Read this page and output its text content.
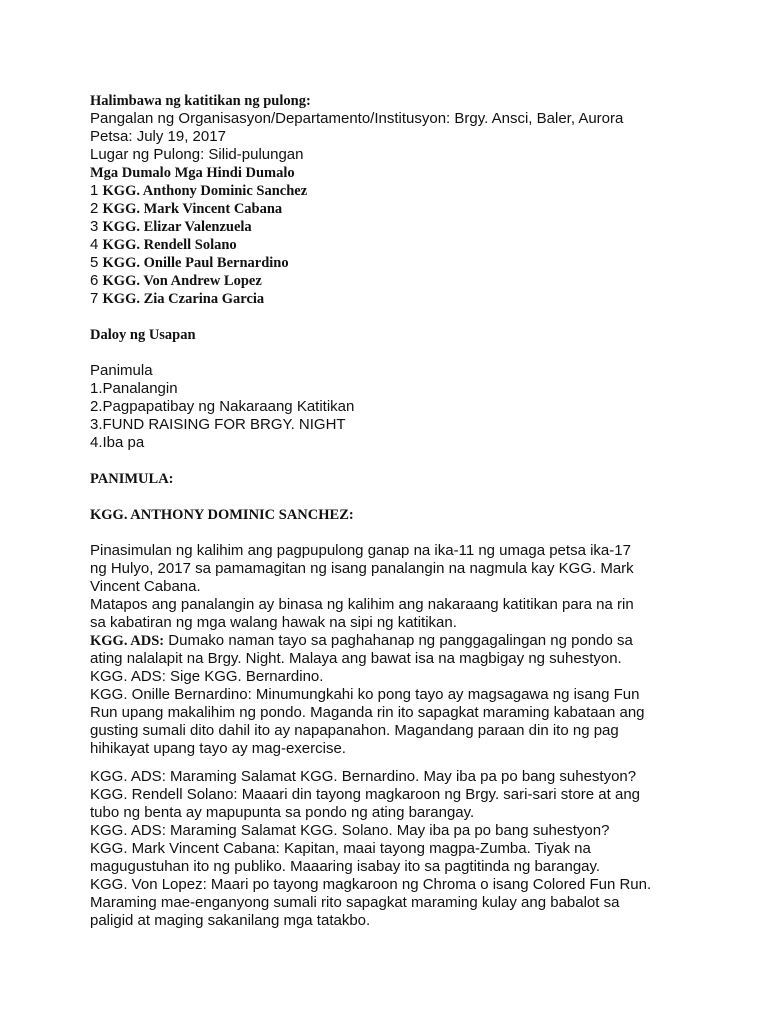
Halimbawa ng katitikan ng pulong:
Pangalan ng Organisasyon/Departamento/Institusyon: Brgy. Ansci, Baler, Aurora
Petsa: July 19, 2017
Lugar ng Pulong: Silid-pulungan
Mga Dumalo Mga Hindi Dumalo
1 KGG. Anthony Dominic Sanchez
2 KGG. Mark Vincent Cabana
3 KGG. Elizar Valenzuela
4 KGG. Rendell Solano
5 KGG. Onille Paul Bernardino
6 KGG. Von Andrew Lopez
7 KGG. Zia Czarina Garcia
Daloy ng Usapan
Panimula
1.Panalangin
2.Pagpapatibay ng Nakaraang Katitikan
3.FUND RAISING FOR BRGY. NIGHT
4.Iba pa
PANIMULA:
KGG. ANTHONY DOMINIC SANCHEZ:
Pinasimulan ng kalihim ang pagpupulong ganap na ika-11 ng umaga petsa ika-17
ng Hulyo, 2017 sa pamamagitan ng isang panalangin na nagmula kay KGG. Mark
Vincent Cabana.
Matapos ang panalangin ay binasa ng kalihim ang nakaraang katitikan para na rin
sa kabatiran ng mga walang hawak na sipi ng katitikan.
KGG. ADS: Dumako naman tayo sa paghahanap ng panggagalingan ng pondo sa
ating nalalapit na Brgy. Night. Malaya ang bawat isa na magbigay ng suhestyon.
KGG. ADS: Sige KGG. Bernardino.
KGG. Onille Bernardino: Minumungkahi ko pong tayo ay magsagawa ng isang Fun
Run upang makalihim ng pondo. Maganda rin ito sapagkat maraming kabataan ang
gusting sumali dito dahil ito ay napapanahon. Magandang paraan din ito ng pag
hihikayat upang tayo ay mag-exercise.
KGG. ADS: Maraming Salamat KGG. Bernardino. May iba pa po bang suhestyon?
KGG. Rendell Solano: Maaari din tayong magkaroon ng Brgy. sari-sari store at ang
tubo ng benta ay mapupunta sa pondo ng ating barangay.
KGG. ADS: Maraming Salamat KGG. Solano. May iba pa po bang suhestyon?
KGG. Mark Vincent Cabana: Kapitan, maai tayong magpa-Zumba. Tiyak na
magugustuhan ito ng publiko. Maaaring isabay ito sa pagtitinda ng barangay.
KGG. Von Lopez: Maari po tayong magkaroon ng Chroma o isang Colored Fun Run.
Maraming mae-enganyong sumali rito sapagkat maraming kulay ang babalot sa
paligid at maging sakanilang mga tatakbo.
